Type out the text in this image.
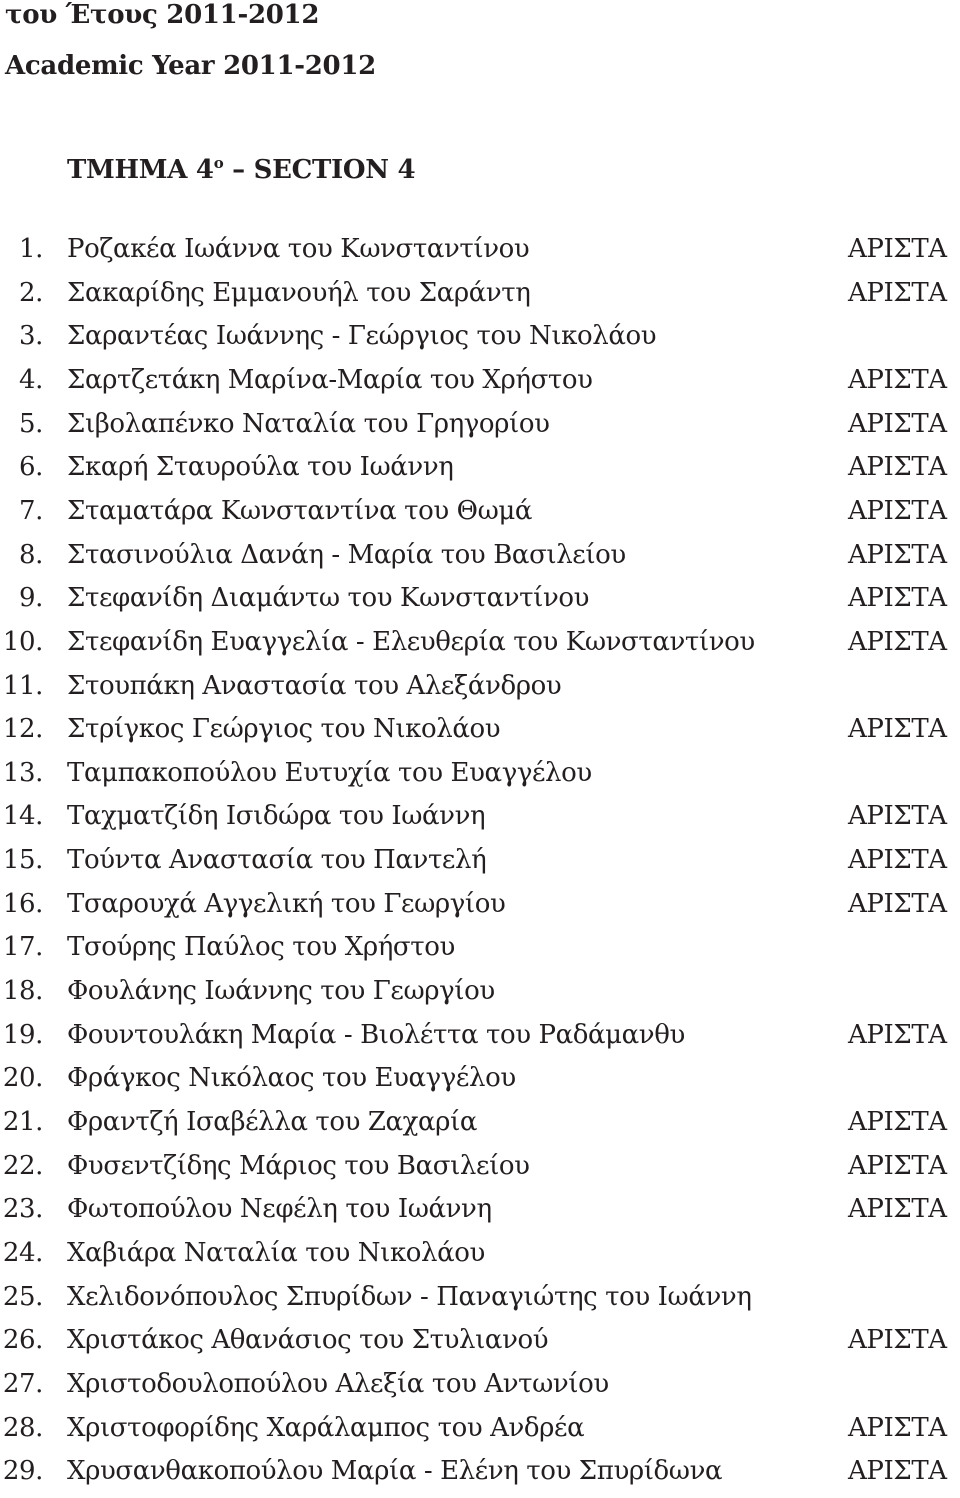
του Έτους 2011-2012
Academic Year 2011-2012
ΤΜΗΜΑ $4^o$ – SECTION 4
1. Ροζακέα Ιωάννα του Κωνσταντίνου	ΑΡΙΣΤΑ
2. Σακαρίδης Εμμανουήλ του Σαράντη	ΑΡΙΣΤΑ
3. Σαραντέας Ιωάννης - Γεώργιος του Νικολάου
4. Σαρτζετάκη Μαρίνα-Μαρία του Χρήστου	ΑΡΙΣΤΑ
5. Σιβολαπένκο Ναταλία του Γρηγορίου	ΑΡΙΣΤΑ
6. Σκαρή Σταυρούλα του Ιωάννη	ΑΡΙΣΤΑ
7. Σταματάρα Κωνσταντίνα του Θωμά	ΑΡΙΣΤΑ
8. Στασινούλια Δανάη - Μαρία του Βασιλείου	ΑΡΙΣΤΑ
9. Στεφανίδη Διαμάντω του Κωνσταντίνου	ΑΡΙΣΤΑ
10. Στεφανίδη Ευαγγελία - Ελευθερία του Κωνσταντίνου	ΑΡΙΣΤΑ
11. Στουπάκη Αναστασία του Αλεξάνδρου
12. Στρίγκος Γεώργιος του Νικολάου	ΑΡΙΣΤΑ
13. Ταμπακοπούλου Ευτυχία του Ευαγγέλου
14. Ταχματζίδη Ισιδώρα του Ιωάννη	ΑΡΙΣΤΑ
15. Τούντα Αναστασία του Παντελή	ΑΡΙΣΤΑ
16. Τσαρουχά Αγγελική του Γεωργίου	ΑΡΙΣΤΑ
17. Τσούρης Παύλος του Χρήστου
18. Φουλάνης Ιωάννης του Γεωργίου
19. Φουντουλάκη Μαρία - Βιολέττα του Ραδάμανθυ	ΑΡΙΣΤΑ
20. Φράγκος Νικόλαος του Ευαγγέλου
21. Φραντζή Ισαβέλλα του Ζαχαρία	ΑΡΙΣΤΑ
22. Φυσεντζίδης Μάριος του Βασιλείου	ΑΡΙΣΤΑ
23. Φωτοπούλου Νεφέλη του Ιωάννη	ΑΡΙΣΤΑ
24. Χαβιάρα Ναταλία του Νικολάου
25. Χελιδονόπουλος Σπυρίδων - Παναγιώτης του Ιωάννη
26. Χριστάκος Αθανάσιος του Στυλιανού	ΑΡΙΣΤΑ
27. Χριστοδουλοπούλου Αλεξία του Αντωνίου
28. Χριστοφορίδης Χαράλαμπος του Ανδρέα	ΑΡΙΣΤΑ
29. Χρυσανθακοπούλου Μαρία - Ελένη του Σπυρίδωνα	ΑΡΙΣΤΑ
